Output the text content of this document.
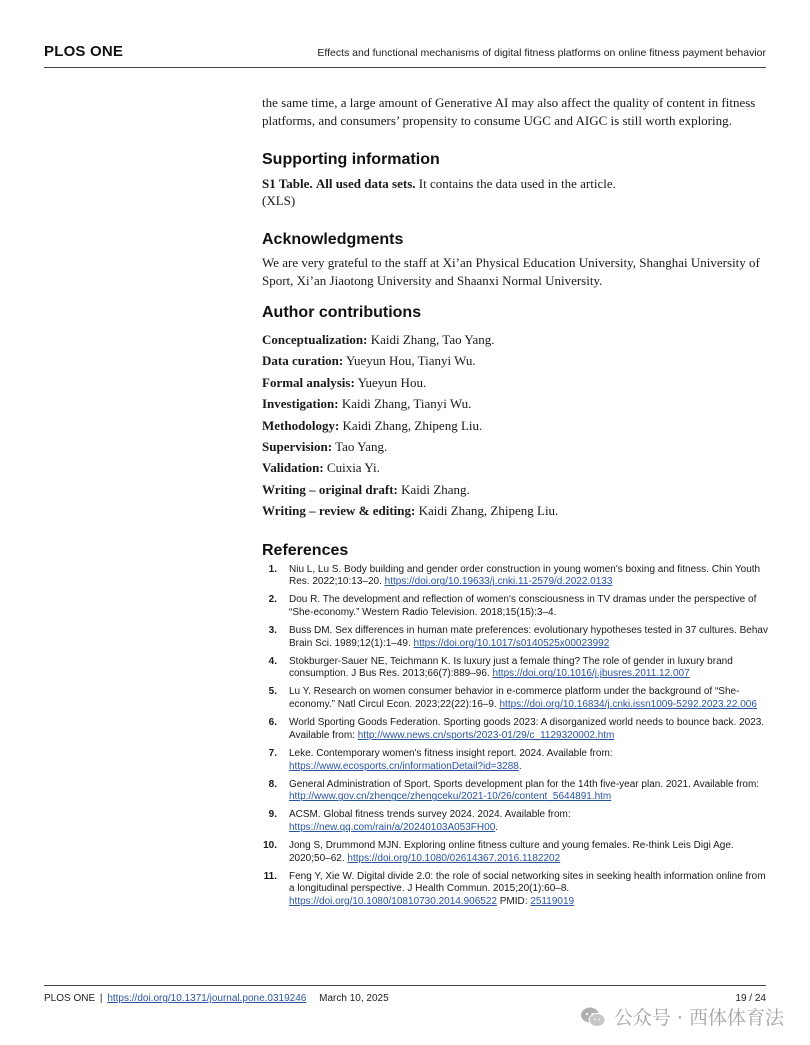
PLOS ONE	Effects and functional mechanisms of digital fitness platforms on online fitness payment behavior

the same time, a large amount of Generative AI may also affect the quality of content in fitness platforms, and consumers’ propensity to consume UGC and AIGC is still worth exploring.

Supporting information
S1 Table. All used data sets. It contains the data used in the article.
(XLS)
Acknowledgments

We are very grateful to the staff at Xi’an Physical Education University, Shanghai University of Sport, Xi’an Jiaotong University and Shaanxi Normal University.

Author contributions
Conceptualization: Kaidi Zhang, Tao Yang.
Data curation: Yueyun Hou, Tianyi Wu.
Formal analysis: Yueyun Hou.
Investigation: Kaidi Zhang, Tianyi Wu.
Methodology: Kaidi Zhang, Zhipeng Liu.
Supervision: Tao Yang.
Validation: Cuixia Yi.
Writing – original draft: Kaidi Zhang.
Writing – review & editing: Kaidi Zhang, Zhipeng Liu.
References
1. Niu L, Lu S. Body building and gender order construction in young women's boxing and fitness. Chin Youth Res. 2022;10:13–20. https://doi.org/10.19633/j.cnki.11-2579/d.2022.0133
2. Dou R. The development and reflection of women's consciousness in TV dramas under the perspective of “She-economy.” Western Radio Television. 2018;15(15):3–4.
3. Buss DM. Sex differences in human mate preferences: evolutionary hypotheses tested in 37 cultures. Behav Brain Sci. 1989;12(1):1–49. https://doi.org/10.1017/s0140525x00023992
4. Stokburger-Sauer NE, Teichmann K. Is luxury just a female thing? The role of gender in luxury brand consumption. J Bus Res. 2013;66(7):889–96. https://doi.org/10.1016/j.jbusres.2011.12.007
5. Lu Y. Research on women consumer behavior in e-commerce platform under the background of “She-economy.” Natl Circul Econ. 2023;22(22):16–9. https://doi.org/10.16834/j.cnki.issn1009-5292.2023.22.006
6. World Sporting Goods Federation. Sporting goods 2023: A disorganized world needs to bounce back. 2023. Available from: http://www.news.cn/sports/2023-01/29/c_1129320002.htm
7. Leke. Contemporary women's fitness insight report. 2024. Available from: https://www.ecosports.cn/informationDetail?id=3288.
8. General Administration of Sport. Sports development plan for the 14th five-year plan. 2021. Available from: http://www.gov.cn/zhengce/zhengceku/2021-10/26/content_5644891.htm
9. ACSM. Global fitness trends survey 2024. 2024. Available from: https://new.qq.com/rain/a/20240103A053FH00.
10. Jong S, Drummond MJN. Exploring online fitness culture and young females. Re-think Leis Digi Age. 2020;50–62. https://doi.org/10.1080/02614367.2016.1182202
11. Feng Y, Xie W. Digital divide 2.0: the role of social networking sites in seeking health information online from a longitudinal perspective. J Health Commun. 2015;20(1):60–8. https://doi.org/10.1080/10810730.2014.906522 PMID: 25119019
PLOS ONE | https://doi.org/10.1371/journal.pone.0319246 March 10, 2025	19 / 24
公众号 · 西体体育法
